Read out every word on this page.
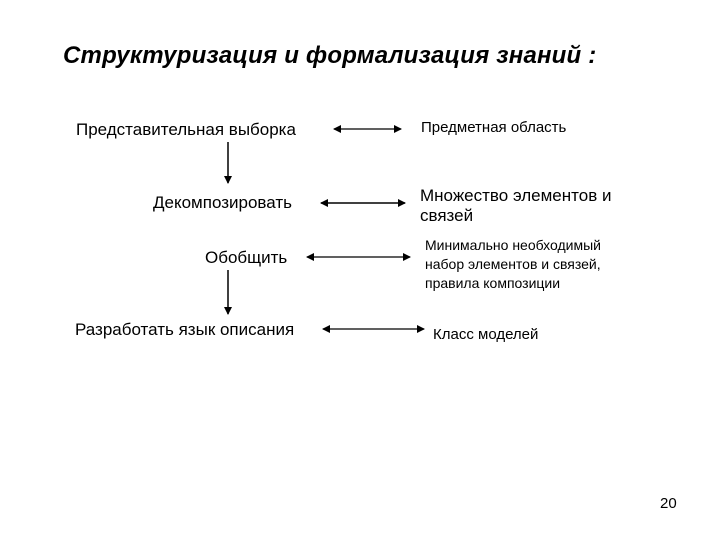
Структуризация и формализация знаний :
Представительная выборка
Декомпозировать
Обобщить
Разработать язык описания
Предметная область
Множество элементов и
связей
Минимально необходимый
набор элементов и связей,
правила композиции
Класс моделей
20
